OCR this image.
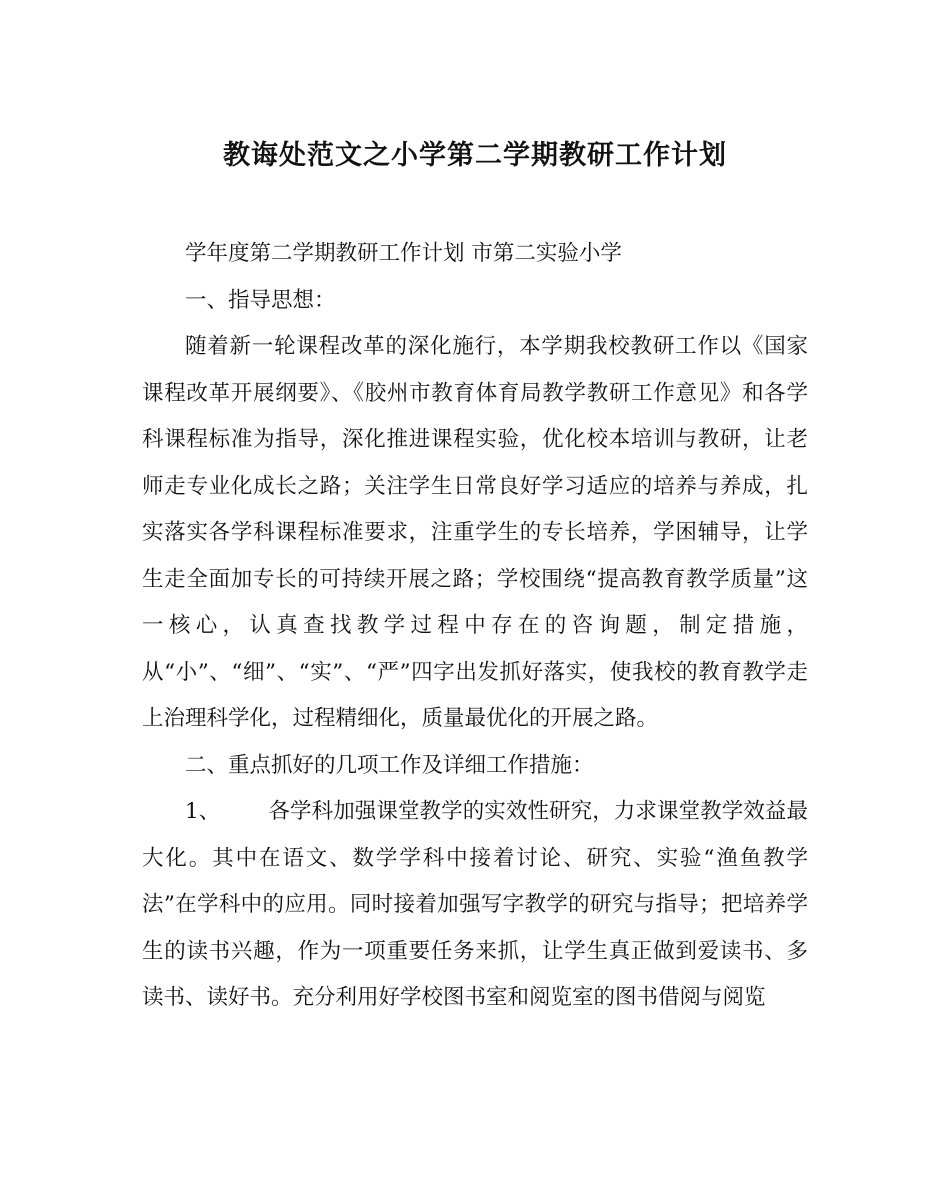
教诲处范文之小学第二学期教研工作计划

学年度第二学期教研工作计划 市第二实验小学

一、指导思想：

随着新一轮课程改革的深化施行，本学期我校教研工作以《国家课程改革开展纲要》、《胶州市教育体育局教学教研工作意见》和各学科课程标准为指导，深化推进课程实验，优化校本培训与教研，让老师走专业化成长之路；关注学生日常良好学习适应的培养与养成，扎实落实各学科课程标准要求，注重学生的专长培养，学困辅导，让学生走全面加专长的可持续开展之路；学校围绕“提高教育教学质量”这一核心，认真查找教学过程中存在的咨询题，制定措施，从“小”、“细”、“实”、“严”四字出发抓好落实，使我校的教育教学走上治理科学化，过程精细化，质量最优化的开展之路。

二、重点抓好的几项工作及详细工作措施：

1、 各学科加强课堂教学的实效性研究，力求课堂教学效益最大化。其中在语文、数学学科中接着讨论、研究、实验“渔鱼教学法”在学科中的应用。同时接着加强写字教学的研究与指导；把培养学生的读书兴趣，作为一项重要任务来抓，让学生真正做到爱读书、多读书、读好书。充分利用好学校图书室和阅览室的图书借阅与阅览
